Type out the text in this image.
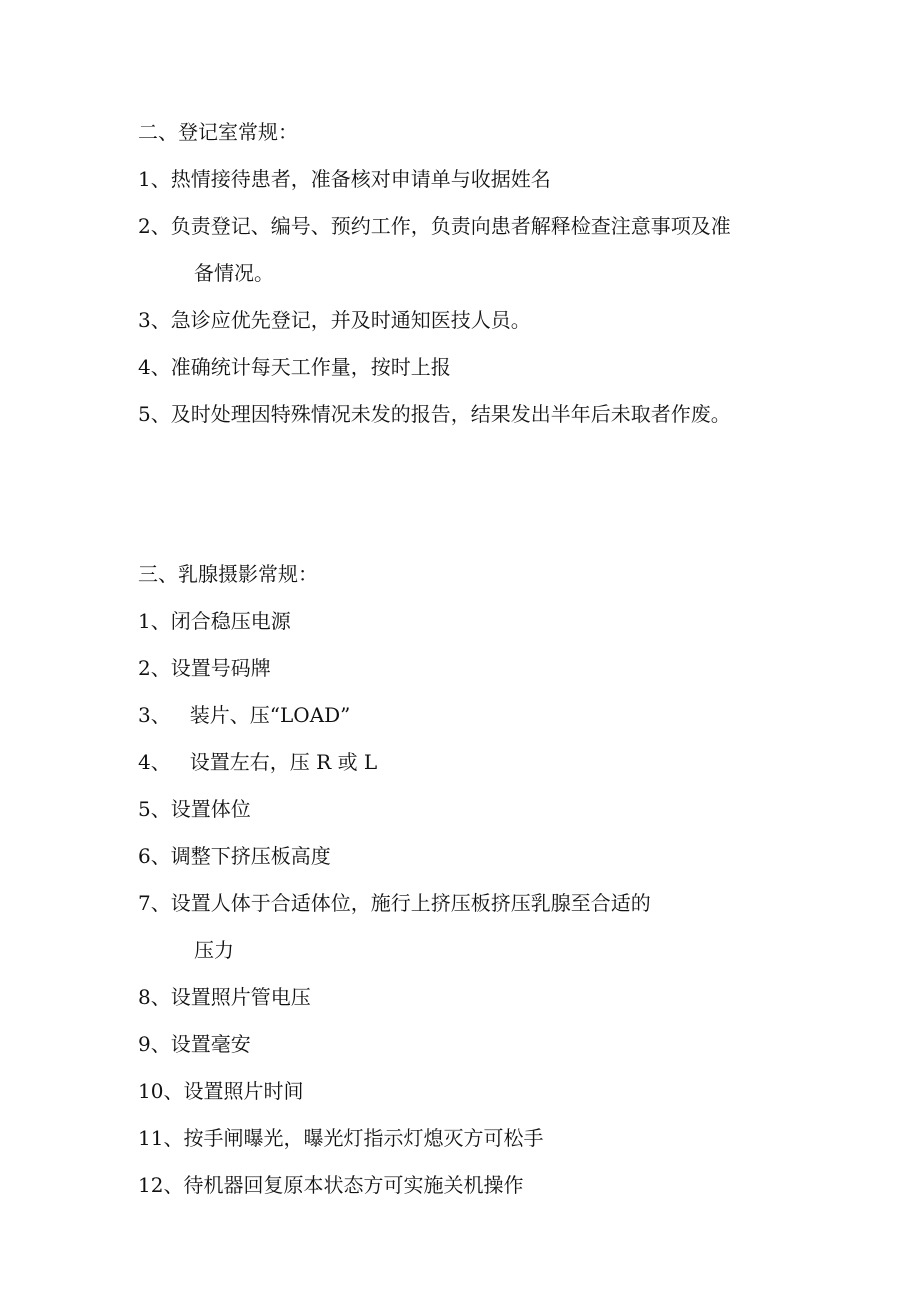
二、登记室常规：
1、热情接待患者，准备核对申请单与收据姓名
2、负责登记、编号、预约工作，负责向患者解释检查注意事项及准
备情况。
3、急诊应优先登记，并及时通知医技人员。
4、准确统计每天工作量，按时上报
5、及时处理因特殊情况未发的报告，结果发出半年后未取者作废。
三、乳腺摄影常规：
1、闭合稳压电源
2、设置号码牌
3、   装片、压“LOAD”
4、   设置左右，压 R 或 L
5、设置体位
6、调整下挤压板高度
7、设置人体于合适体位，施行上挤压板挤压乳腺至合适的
压力
8、设置照片管电压
9、设置毫安
10、设置照片时间
11、按手闸曝光，曝光灯指示灯熄灭方可松手
12、待机器回复原本状态方可实施关机操作
